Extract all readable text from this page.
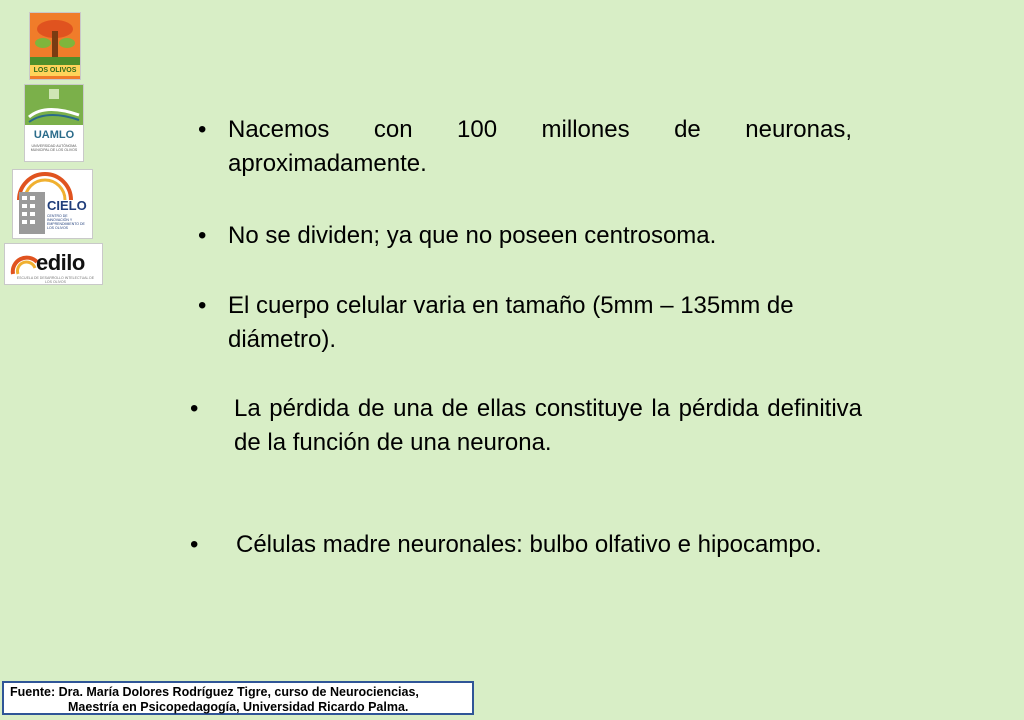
LOS OLIVOS
UAMLO
UNIVERSIDAD AUTÓNOMA MUNICIPAL DE LOS OLIVOS
CIELO
CENTRO DE INNOVACIÓN Y EMPRENDIMIENTO DE LOS OLIVOS
edilo
ESCUELA DE DESARROLLO INTELECTUAL DE LOS OLIVOS
• Nacemos con 100 millones de neuronas, aproximadamente.
• No se dividen; ya que no poseen centrosoma.
• El cuerpo celular varia en tamaño (5mm – 135mm de diámetro).
• La pérdida de una de ellas constituye la pérdida definitiva de la función de una neurona.
• Células madre neuronales: bulbo olfativo e hipocampo.
Fuente: Dra. María Dolores Rodríguez Tigre, curso de Neurociencias,
Maestría en Psicopedagogía, Universidad Ricardo Palma.
